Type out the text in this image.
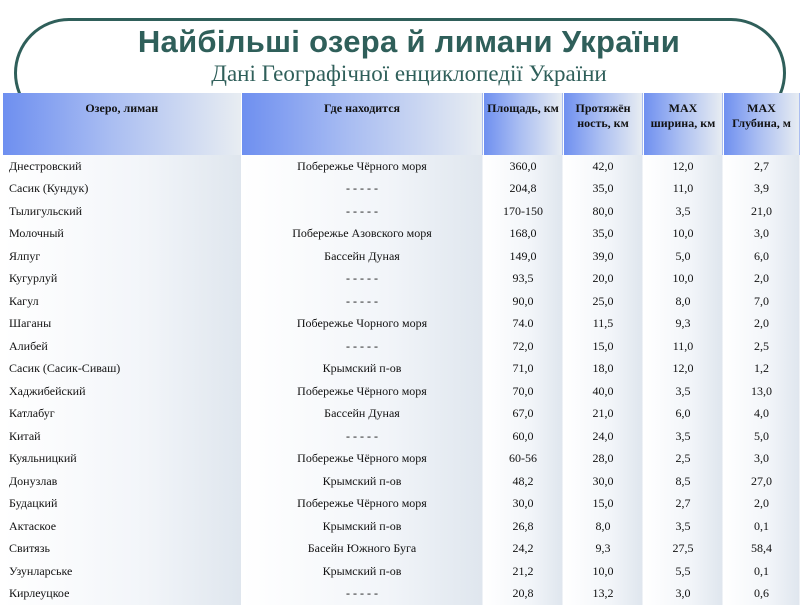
Найбільші озера й лимани України
Дані Географічної енциклопедії України
Озеро, лиман	Где находится	Площадь, км	Протяжён ность, км	MAX ширина, км	MAX Глубина, м
Днестровский	Побережье Чёрного моря	360,0	42,0	12,0	2,7
Сасик (Кундук)	- - - - -	204,8	35,0	11,0	3,9
Тылигульский	- - - - -	170-150	80,0	3,5	21,0
Молочный	Побережье Азовского моря	168,0	35,0	10,0	3,0
Ялпуг	Бассейн Дуная	149,0	39,0	5,0	6,0
Кугурлуй	- - - - -	93,5	20,0	10,0	2,0
Кагул	- - - - -	90,0	25,0	8,0	7,0
Шаганы	Побережье Чорного моря	74.0	11,5	9,3	2,0
Алибей	- - - - -	72,0	15,0	11,0	2,5
Сасик (Сасик-Сиваш)	Крымский п-ов	71,0	18,0	12,0	1,2
Хаджибейский	Побережье Чёрного моря	70,0	40,0	3,5	13,0
Катлабуг	Бассейн Дуная	67,0	21,0	6,0	4,0
Китай	- - - - -	60,0	24,0	3,5	5,0
Куяльницкий	Побережье Чёрного моря	60-56	28,0	2,5	3,0
Донузлав	Крымский п-ов	48,2	30,0	8,5	27,0
Будацкий	Побережье Чёрного моря	30,0	15,0	2,7	2,0
Актаское	Крымский п-ов	26,8	8,0	3,5	0,1
Свитязь	Басейн Южного Буга	24,2	9,3	27,5	58,4
Узунларське	Крымский п-ов	21,2	10,0	5,5	0,1
Кирлеуцкое	- - - - -	20,8	13,2	3,0	0,6
